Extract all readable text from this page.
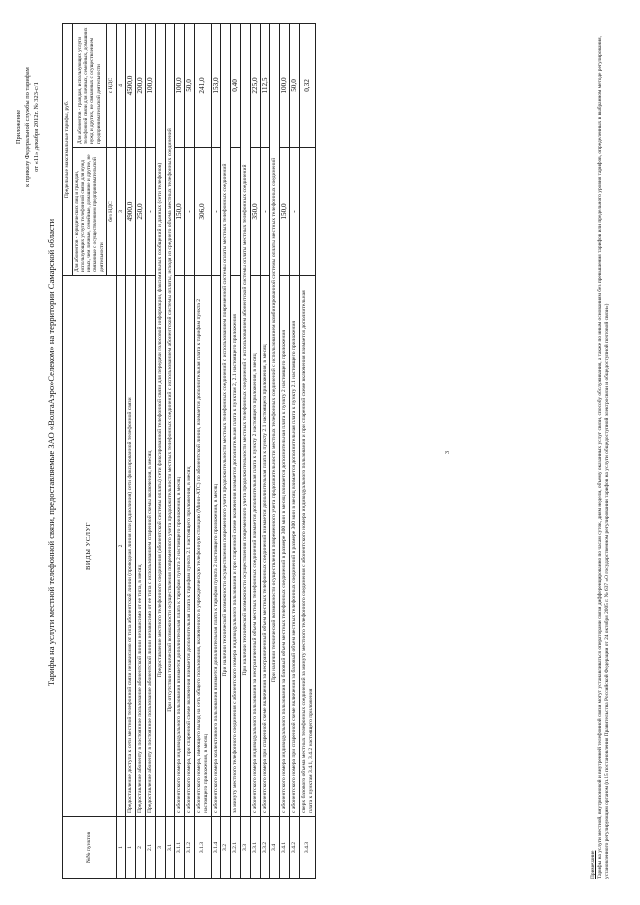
Приложение к приказу Федеральной службы по тарифам от «11» декабря 2012г. № 323-с/1
Тарифы на услуги местной телефонной связи, предоставляемые ЗАО «ВолгаАэро»Сeлеком» на территории Самарской области
№№ пунктов	ВИДЫ УСЛУГ	Предельные максимальные тарифы, руб.	
		Для абонентов - юридических лиц и граждан, использующих услуги телефонной связи для нужд иных, чем личные, семейные, домашние и другие, не связанные с осуществлением предпринимательской деятельности	Для абонентов - граждан, использующих услуги телефонной связи для личных, семейных, домашних нужд и других, не связанных с осуществлением предпринимательской деятельности
		без НДС	с НДС
1	2	3	4
1	Предоставление доступа к сети местной телефонной связи независимо от типа абонентской линии (проводная линия или радиолиния) сети фиксированной телефонной связи	4900,0	4500,0
2	Предоставление абоненту в постоянное пользование абонентской линии независимо от ее типа, в месяц	250,0	200,0
2.1	Предоставление абоненту в постоянное пользование абонентской линии независимо от ее типа с использованием спаренной схемы включения, в месяц	-	100,0
3	Предоставление местного телефонного соединения (абонентской системы оплаты) сети фиксированной телефонной связи для передачи голосовой информации, факсимильных сообщений и данных (сети телефонов)		
3.1	При отсутствии технической возможности осуществления повременного учета продолжительности местных телефонных соединений с использованием абонентской системы оплаты, исходя из среднего объема местных телефонных соединений		
3.1.1	с абонентского номера индивидуального пользования взимается дополнительная плата к тарифам пункта 2 настоящего приложения, в месяц	150,0	100,0
3.1.2	с абонентского номера, при спаренной схеме включения взимается дополнительная плата к тарифам пункта 2.1 настоящего приложения, в месяц	-	50,0
3.1.3	с абонентского номера, имеющего выход на сеть общего пользования, включенного в учрежденческую телефонную станцию (Мини-АТС) по абонентской линии, взимается дополнительная плата к тарифам пункта 2 настоящего приложения, в месяц	306,0	241,0
3.1.4	с абонентского номера коллективного пользования взимается дополнительная плата к тарифам пункта 2 настоящего приложения, в месяц	-	153,0
3.2	При наличии технической возможности осуществления повременного учета продолжительности местных телефонных соединений с использованием повременной системы оплаты местных телефонных соединений		
3.2.1	за минуту местного телефонного соединения с абонентского номера индивидуального пользования и при спаренной схеме включения взимается дополнительная плата к пунктам 2, 2.1 настоящего приложения		0,40
3.3	При наличии технической возможности осуществления повременного учета продолжительности местных телефонных соединений с использованием абонентской системы оплаты местных телефонных соединений		
3.3.1	с абонентского номера индивидуального пользования за неограниченный объем местных телефонных соединений взимается дополнительная плата к пункту 2 настоящего приложения, в месяц	350,0	225,0
3.3.2	с абонентского номера при спаренной схеме включения за неограниченный объем местных телефонных соединений взимается дополнительная плата к пункту 2.1 настоящего приложения, в месяц	-	112,5
3.4	При наличии технической возможности осуществления повременного учета продолжительности местных телефонных соединений с использованием комбинированной системы оплаты местных телефонных соединений		
3.4.1	с абонентского номера индивидуального пользования за базовый объем местных телефонных соединений в размере 300 мин в месяц взимается дополнительная плата к пункту 2 настоящего приложения	150,0	100,0
3.4.2	с абонентского номера при спаренной схеме включения за базовый объем местных телефонных соединений в размере 300 мин в месяц взимается дополнительная плата к пункту 2.1 настоящего приложения	-	50,0
3.4.3	сверх базового объема местных телефонных соединений за минуту местного телефонного соединения с абонентского номера индивидуального пользования и при спаренной схеме включения взимается дополнительная плата к пунктам 3.4.1, 3.4.2 настоящего приложения		0,32
Примечание
Тарифы на услуги местной, внутризоновой и внутренней телефонной связи могут устанавливаться операторами связи дифференцированно по часам суток, дням недели, объему оказанных услуг связи, способу обслуживания, а также по иным основаниям без превышения тарифов или предельного уровня тарифов, определенных в выбранном методе регулирования, установленного регулирующим органом (п.15 постановления Правительства Российской Федерации от 24 октября 2005 г. № 637 «О государственном регулировании тарифов на услуги общедоступной электросвязи и общедоступной почтовой связи»)
3
